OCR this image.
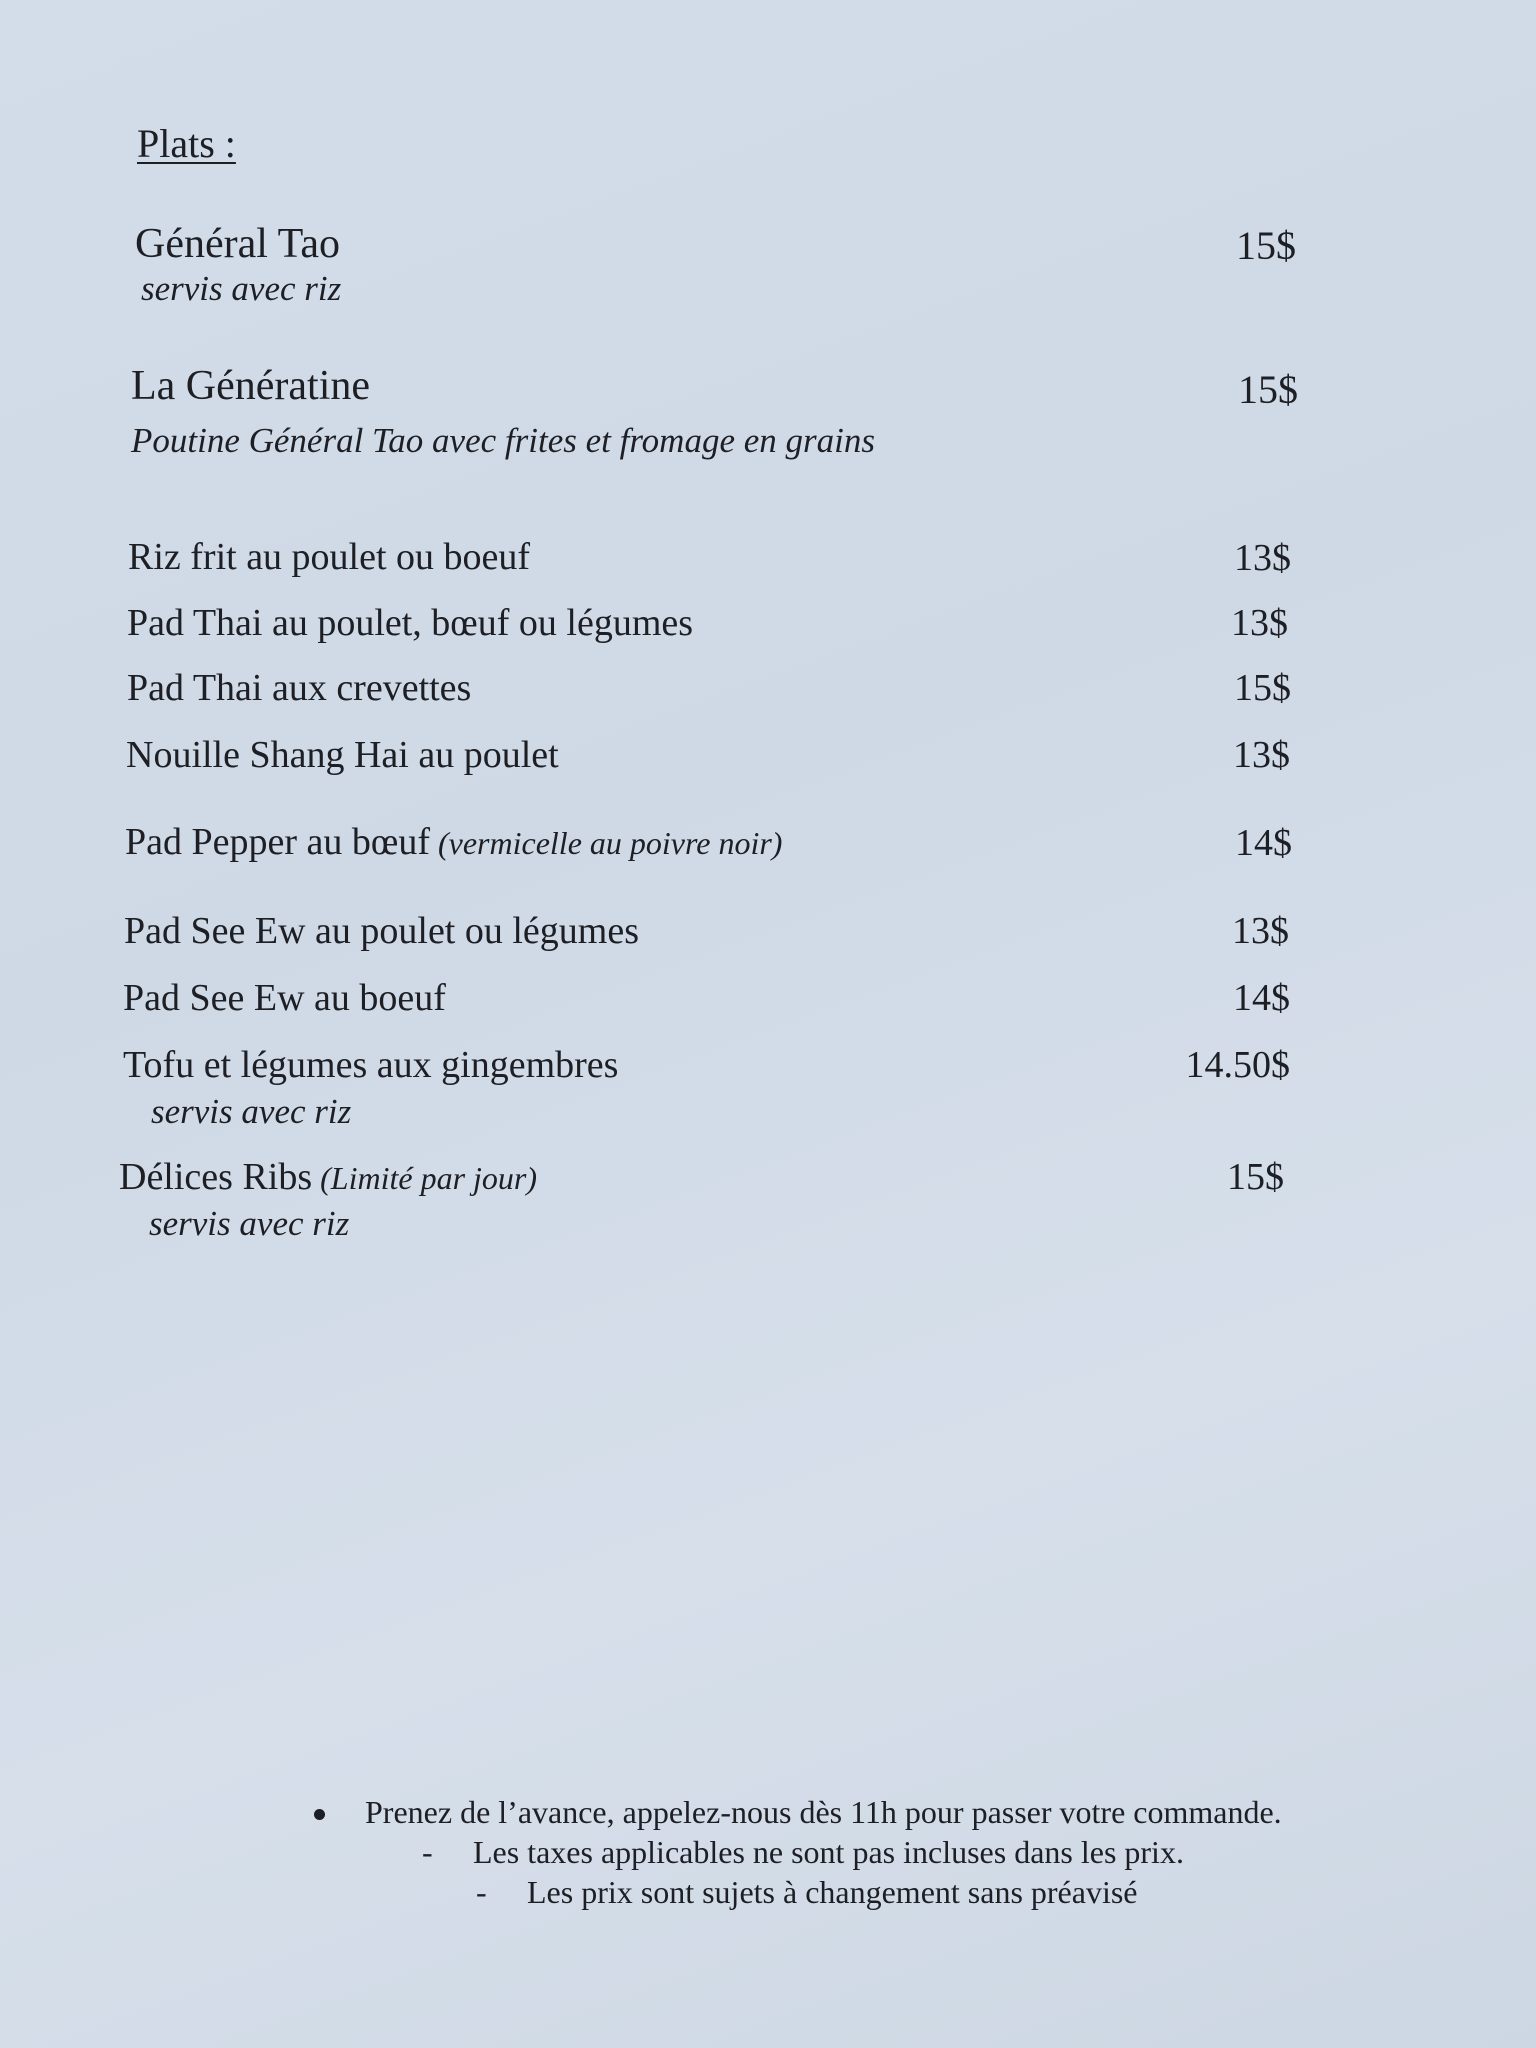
Plats :
Général Tao	15$
servis avec riz
La Génératine	15$
Poutine Général Tao avec frites et fromage en grains
Riz frit au poulet ou boeuf	13$
Pad Thai au poulet, bœuf ou légumes	13$
Pad Thai aux crevettes	15$
Nouille Shang Hai au poulet	13$
Pad Pepper au bœuf (vermicelle au poivre noir)	14$
Pad See Ew au poulet ou légumes	13$
Pad See Ew au boeuf	14$
Tofu et légumes aux gingembres	14.50$
servis avec riz
Délices Ribs (Limité par jour)	15$
servis avec riz
Prenez de l’avance, appelez-nous dès 11h pour passer votre commande.
- Les taxes applicables ne sont pas incluses dans les prix.
- Les prix sont sujets à changement sans préavisé
